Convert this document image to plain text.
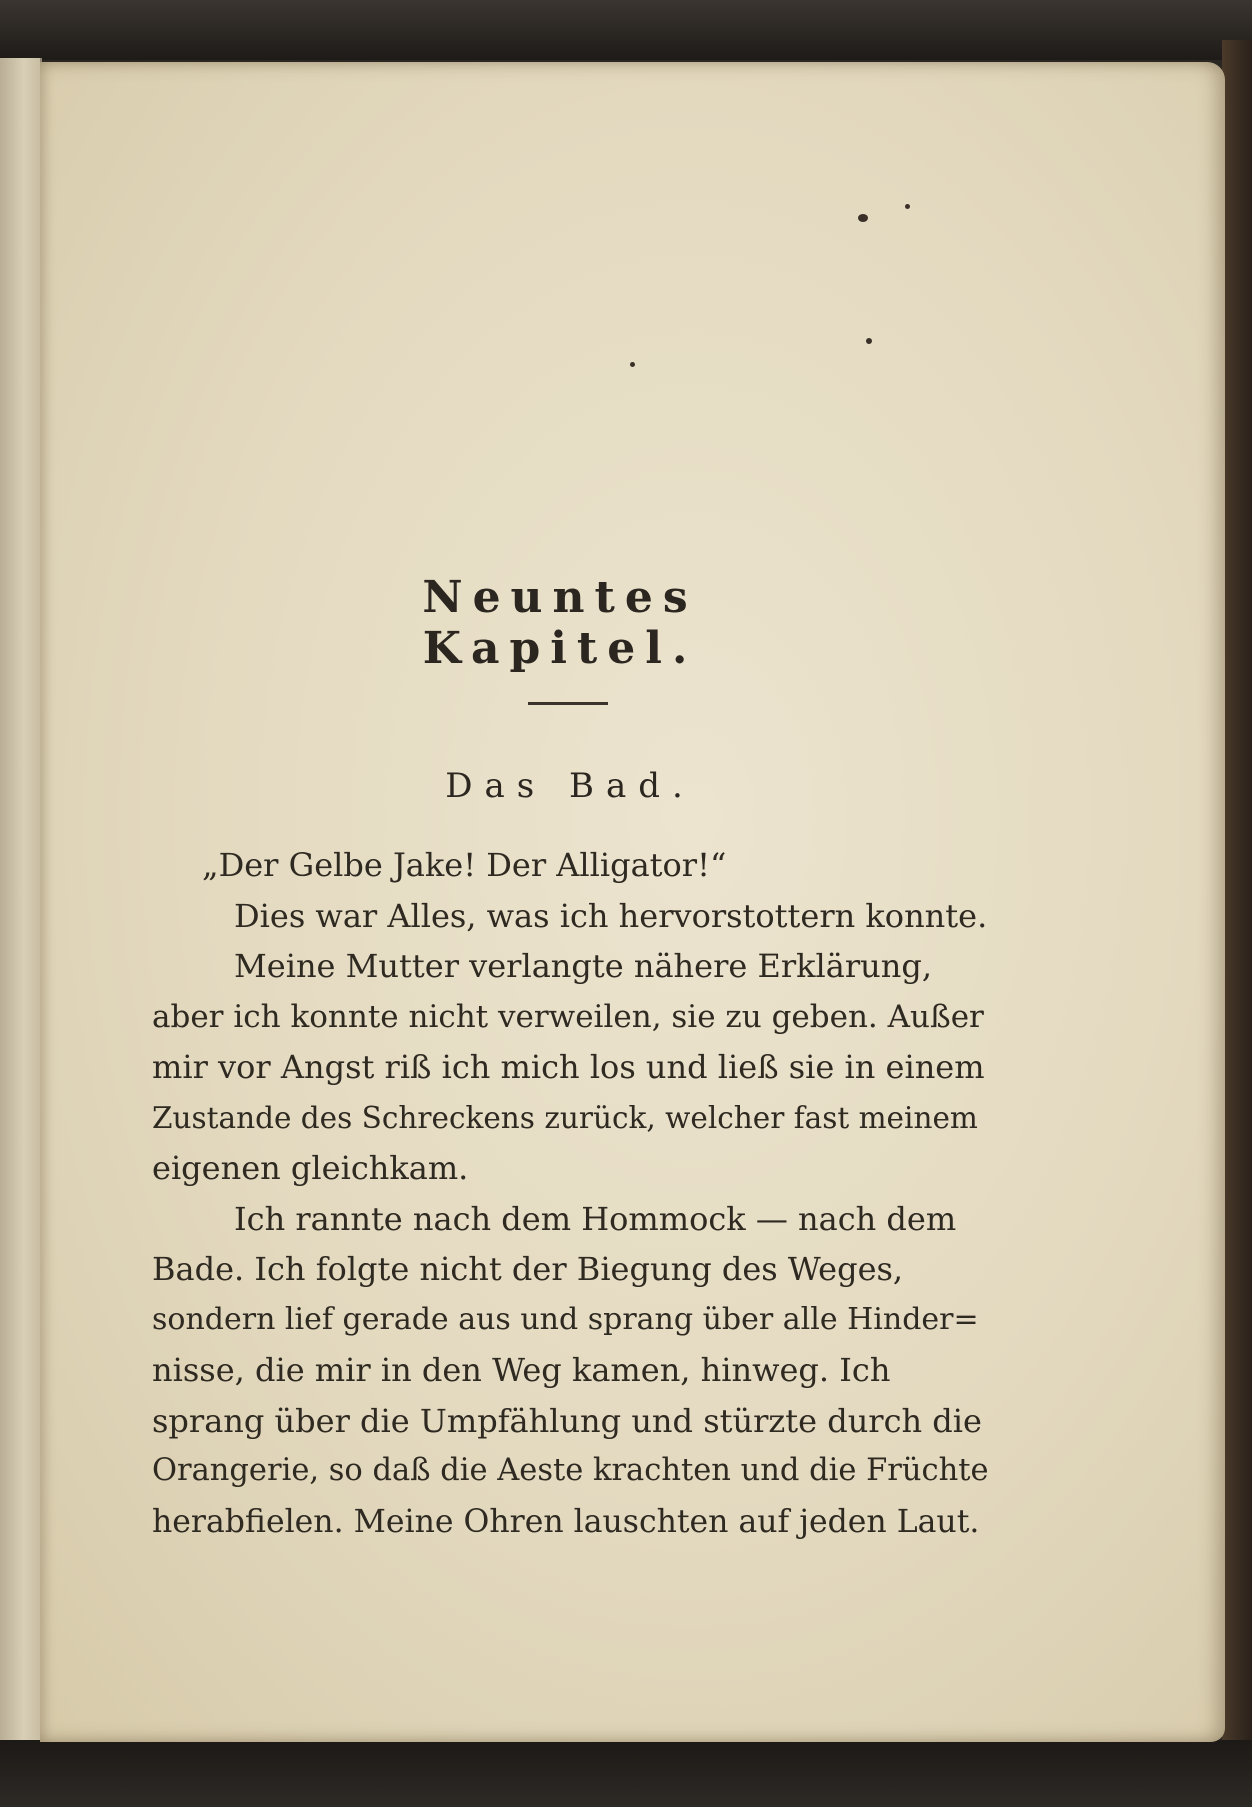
Neuntes Kapitel.
Das Bad.
„Der Gelbe Jake! Der Alligator!“
Dies war Alles, was ich hervorstottern konnte.
Meine Mutter verlangte nähere Erklärung,
aber ich konnte nicht verweilen, sie zu geben. Außer
mir vor Angst riß ich mich los und ließ sie in einem
Zustande des Schreckens zurück, welcher fast meinem
eigenen gleichkam.
Ich rannte nach dem Hommock — nach dem
Bade. Ich folgte nicht der Biegung des Weges,
sondern lief gerade aus und sprang über alle Hinder=
nisse, die mir in den Weg kamen, hinweg. Ich
sprang über die Umpfählung und stürzte durch die
Orangerie, so daß die Aeste krachten und die Früchte
herabfielen. Meine Ohren lauschten auf jeden Laut.
